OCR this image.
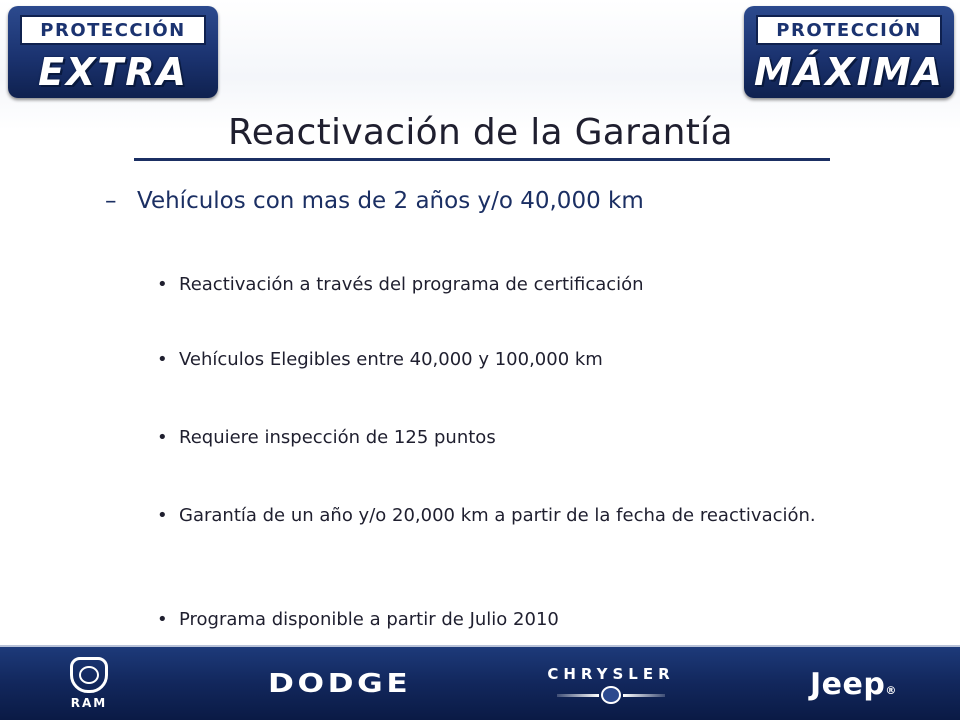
PROTECCIÓN
EXTRA
PROTECCIÓN
MÁXIMA
Reactivación de la Garantía
– Vehículos con mas de 2 años y/o 40,000 km
• Reactivación a través del programa de certificación
• Vehículos Elegibles entre 40,000 y 100,000 km
• Requiere inspección de 125 puntos
• Garantía de un año y/o 20,000 km a partir de la fecha de reactivación.
• Programa disponible a partir de Julio 2010
RAM
DODGE	CHRYSLER	Jeep®
